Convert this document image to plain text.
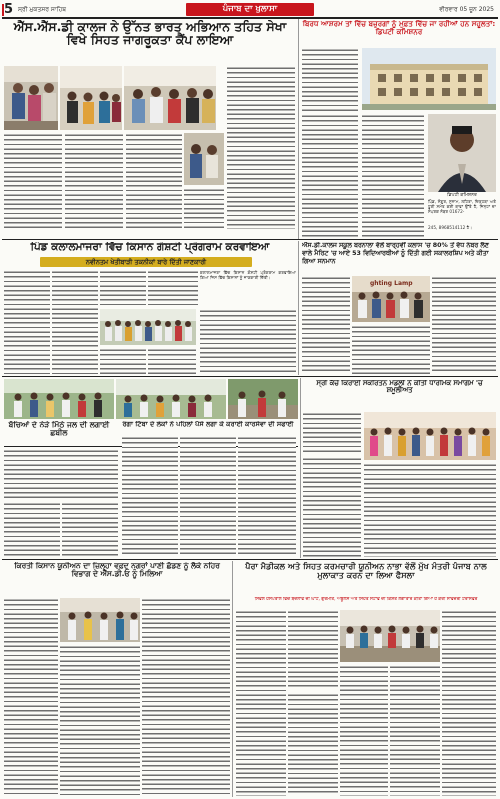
5 ਸ੍ਰੀ ਮੁਕਤਸਰ ਸਾਹਿਬ	ਪੰਜਾਬ ਦਾ ਖੁਲਾਸਾ	ਵੀਰਵਾਰ 05 ਜੂਨ 2025
ਐੱਸ.ਐੱਸ.ਡੀ ਕਾਲਜ ਨੇ ਉੱਨਤ ਭਾਰਤ ਅਭਿਆਨ ਤਹਿਤ ਸੇਖਾ ਵਿਖੇ ਸਿਹਤ ਜਾਗਰੂਕਤਾ ਕੈਂਪ ਲਾਇਆ
ਬਿਰਧ ਆਸ਼ਰਮ ਤਾਂ ਵਿੱਚ ਬਜ਼ੁਰਗਾਂ ਨੂੰ ਮੁਫ਼ਤ ਵਿੱਚ ਜਾ ਰਹੀਆਂ ਹਨ ਸਹੂਲਤਾਂ: ਡਿਪਟੀ ਕਮਿਸ਼ਨਰ
ਡਿਪਟੀ ਕਮਿਸ਼ਨਰ
ਪਿੰਡ, ਸੰਗੂਰ, ਸੁਨਾਮ, ਲਹਿਰਾ, ਦਿੜ੍ਹਬਾ ਅਤੇ ਧੂਰੀ ਸਮੇਤ ਕਈ ਥਾਵਾਂ ਉੱਤੇ ਹੈ, ਜਿਨ੍ਹਾਂ ਦਾ ਸੰਪਰਕ ਨੰਬਰ 01672-
245, 8968514112 ਹੈ।
ਪਿੰਡ ਕਲਾਲਮਾਜਰਾ ਵਿੱਚ ਕਿਸਾਨ ਗੋਸ਼ਟੀ ਪ੍ਰੋਗਰਾਮ ਕਰਵਾਇਆ
ਨਵੀਨਤਮ ਖੇਤੀਬਾੜੀ ਤਕਨੀਕਾਂ ਬਾਰੇ ਦਿੱਤੀ ਜਾਣਕਾਰੀ
ਕਲਾਲਮਾਜਰਾ ਵਿੱਚ ਕਿਸਾਨ ਗੋਸ਼ਟੀ ਪ੍ਰੋਗਰਾਮ ਕਰਵਾਇਆ ਗਿਆ ਜਿਸ ਵਿੱਚ ਕਿਸਾਨਾਂ ਨੂੰ ਜਾਣਕਾਰੀ ਦਿੱਤੀ।
ਐੱਸ.ਡੀ.ਕਾਲਜ ਸਕੂਲ ਬਰਨਾਲਾ ਵੱਲੋਂ ਬਾਰ੍ਹਵੀਂ ਕਲਾਸ 'ਚ 80% ਤੋਂ ਵੱਧ ਨੰਬਰ ਲੈਣ ਵਾਲੇ ਮੈਰਿਟ 'ਚ ਆਏ 53 ਵਿਦਿਆਰਥੀਆਂ ਨੂੰ ਦਿੱਤੀ ਗਈ ਸਕਾਲਰਸ਼ਿਪ ਅਤੇ ਕੀਤਾ ਗਿਆ ਸਨਮਾਨ
ghting Lamp
ਰੰਗਾ ਟਿੱਬਾ ਦੇ ਲੋਕਾਂ ਨੇ ਪਹਿਲਾਂ ਪੈਸੇ ਲਗਾ ਕੇ ਕਰਾਈ ਕਾਰਸੇਵਾ ਦੀ ਸਫਾਈ
ਸ੍ਰੀ ਕੱਚੇ ਕਿਰਾਈ ਸਕਰਿਤਨ ਮੰਡਲੀ ਨੇ ਕੀਤੀ ਧਾਰਮਿਕ ਸਮਾਗਮ 'ਚ ਸ਼ਮੂਲੀਅਤ
ਬੱਚਿਆਂ ਦੇ ਨੇੜੇ ਮਿੱਠੇ ਜਲ ਦੀ ਲਗਾਈ ਛਬੀਲ
ਕਿਰਤੀ ਕਿਸਾਨ ਯੂਨੀਅਨ ਦਾ ਜ਼ਿਲ੍ਹਾ ਵਫ਼ਦ ਨਗਰਾਂ ਪਾਣੀ ਛੱਡਣ ਨੂੰ ਲੈਕੇ ਨਹਿਰ ਵਿਭਾਗ ਦੇ ਐੱਸ.ਡੀ.ਓ ਨੂੰ ਮਿਲਿਆ
ਪੈਰਾ ਮੈਡੀਕਲ ਅਤੇ ਸਿਹਤ ਕਰਮਚਾਰੀ ਯੂਨੀਅਨ ਨਾਭਾ ਵੱਲੋਂ ਮੁੱਖ ਮੰਤਰੀ ਪੰਜਾਬ ਨਾਲ ਮੁਲਾਕਾਤ ਕਰਨ ਦਾ ਲਿਆ ਫੈਸਲਾ
ਸਿਵਲ ਹਸਪਤਾਲ ਵਿੱਚ ਬਦਲਾਵ ਦੀ ਘਾਟ, ਗੁਰਮੀਤ, ਐਂਬੂਲੈਂਸ ਅਤੇ ਸਿਹਤ ਸਟਾਫ ਦੀ ਕਿਸ਼ਤ ਲਗਾਤਾਰ ਕੀਤਾ ਗਿਆ ਹੈ ਕੋਰੀ ਸਾਵੇਂਦਰੀ ਟਰਾਂਸਫਰ
